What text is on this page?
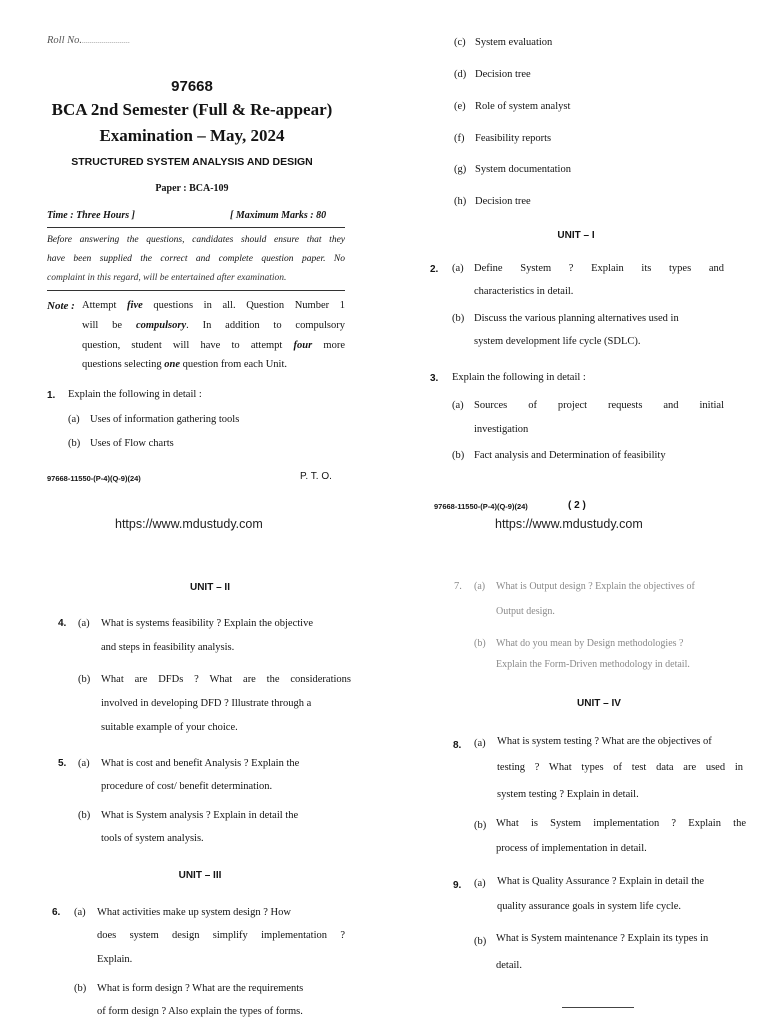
Roll No.........................
97668
BCA 2nd Semester (Full & Re-appear)
Examination – May, 2024
STRUCTURED SYSTEM ANALYSIS AND DESIGN
Paper : BCA-109
Time : Three Hours ]	[ Maximum Marks : 80
Before answering the questions, candidates should ensure that they
have been supplied the correct and complete question paper. No
complaint in this regard, will be entertained after examination.
Note : Attempt five questions in all. Question Number 1
will be compulsory. In addition to compulsory
question, student will have to attempt four more
questions selecting one question from each Unit.
1. Explain the following in detail :
(a) Uses of information gathering tools
(b) Uses of Flow charts
97668-11550-(P-4)(Q-9)(24)	P. T. O.
(c) System evaluation
(d) Decision tree
(e) Role of system analyst
(f) Feasibility reports
(g) System documentation
(h) Decision tree
UNIT – I
2. (a) Define System ? Explain its types and
characteristics in detail.
(b) Discuss the various planning alternatives used in
system development life cycle (SDLC).
3. Explain the following in detail :
(a) Sources of project requests and initial
investigation
(b) Fact analysis and Determination of feasibility
97668-11550-(P-4)(Q-9)(24)	( 2 )
https://www.mdustudy.com	https://www.mdustudy.com
UNIT – II
4. (a) What is systems feasibility ? Explain the objective
and steps in feasibility analysis.
(b) What are DFDs ? What are the considerations
involved in developing DFD ? Illustrate through a
suitable example of your choice.
5. (a) What is cost and benefit Analysis ? Explain the
procedure of cost/ benefit determination.
(b) What is System analysis ? Explain in detail the
tools of system analysis.
UNIT – III
6. (a) What activities make up system design ? How
does system design simplify implementation ?
Explain.
(b) What is form design ? What are the requirements
of form design ? Also explain the types of forms.
7. (a) What is Output design ? Explain the objectives of
Output design.
(b) What do you mean by Design methodologies ?
Explain the Form-Driven methodology in detail.
UNIT – IV
8. (a) What is system testing ? What are the objectives of
testing ? What types of test data are used in
system testing ? Explain in detail.
(b) What is System implementation ? Explain the
process of implementation in detail.
9. (a) What is Quality Assurance ? Explain in detail the
quality assurance goals in system life cycle.
(b) What is System maintenance ? Explain its types in
detail.
